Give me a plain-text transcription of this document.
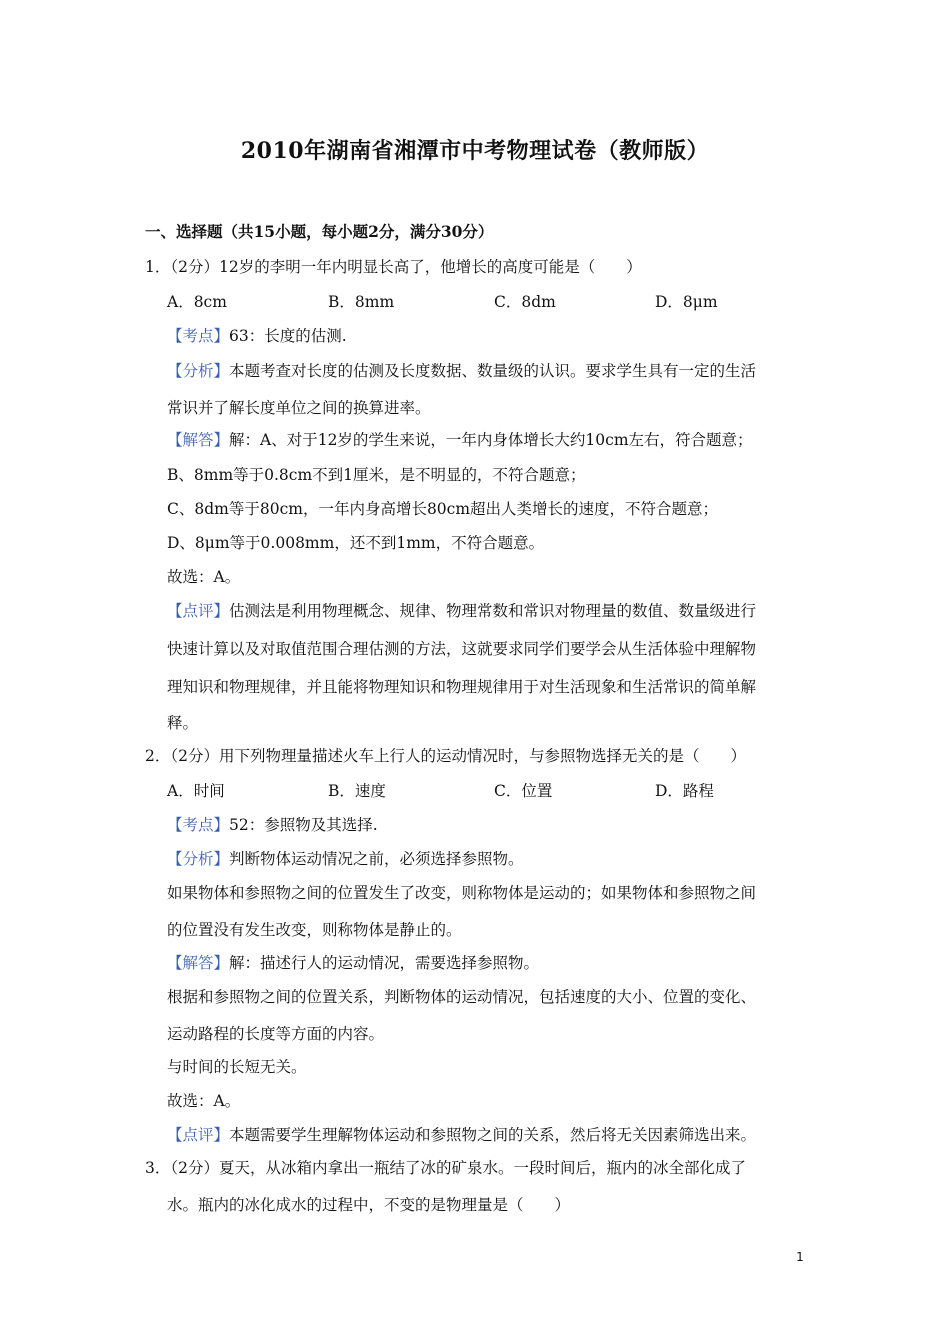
2010年湖南省湘潭市中考物理试卷（教师版）
一、选择题（共15小题，每小题2分，满分30分）
1．（2分）12岁的李明一年内明显长高了，他增长的高度可能是（　　）
A．8cm	B．8mm	C．8dm	D．8μm
【考点】63：长度的估测.
【分析】本题考查对长度的估测及长度数据、数量级的认识。要求学生具有一定的生活
常识并了解长度单位之间的换算进率。
【解答】解：A、对于12岁的学生来说，一年内身体增长大约10cm左右，符合题意；
B、8mm等于0.8cm不到1厘米，是不明显的，不符合题意；
C、8dm等于80cm，一年内身高增长80cm超出人类增长的速度，不符合题意；
D、8μm等于0.008mm，还不到1mm，不符合题意。
故选：A。
【点评】估测法是利用物理概念、规律、物理常数和常识对物理量的数值、数量级进行
快速计算以及对取值范围合理估测的方法，这就要求同学们要学会从生活体验中理解物
理知识和物理规律，并且能将物理知识和物理规律用于对生活现象和生活常识的简单解
释。
2．（2分）用下列物理量描述火车上行人的运动情况时，与参照物选择无关的是（　　）
A．时间	B．速度	C．位置	D．路程
【考点】52：参照物及其选择.
【分析】判断物体运动情况之前，必须选择参照物。
如果物体和参照物之间的位置发生了改变，则称物体是运动的；如果物体和参照物之间
的位置没有发生改变，则称物体是静止的。
【解答】解：描述行人的运动情况，需要选择参照物。
根据和参照物之间的位置关系，判断物体的运动情况，包括速度的大小、位置的变化、
运动路程的长度等方面的内容。
与时间的长短无关。
故选：A。
【点评】本题需要学生理解物体运动和参照物之间的关系，然后将无关因素筛选出来。
3．（2分）夏天，从冰箱内拿出一瓶结了冰的矿泉水。一段时间后，瓶内的冰全部化成了
水。瓶内的冰化成水的过程中，不变的是物理量是（　　）
1
